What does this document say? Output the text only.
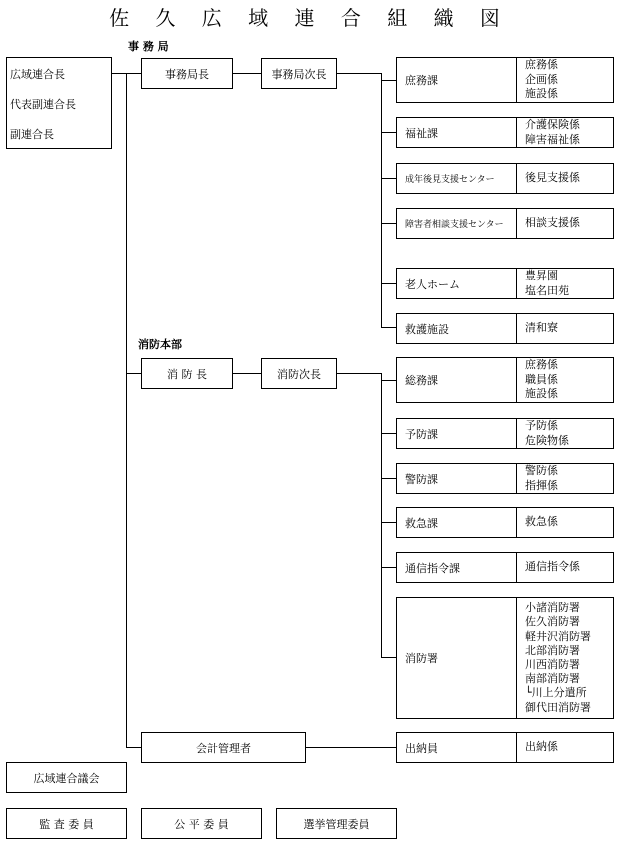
佐 久 広 域 連 合 組 織 図
事 務 局
消防本部
広域連合長
代表副連合長
副連合長
事務局長	事務局次長	庶務課
庶務係
企画係
施設係
福祉課
介護保険係
障害福祉係
成年後見支援センター	後見支援係
障害者相談支援センター 相談支援係
老人ホーム
豊昇園
塩名田苑
救護施設	清和寮
消 防 長	消防次長	総務課
庶務係
職員係
施設係
予防課
予防係
危険物係
警防課
警防係
指揮係
救急課	救急係
通信指令課	通信指令係
消防署
小諸消防署
佐久消防署
軽井沢消防署
北部消防署
川西消防署
南部消防署
└川上分遣所
御代田消防署
会計管理者	出納員	出納係
広域連合議会
監 査 委 員	公 平 委 員	選挙管理委員
